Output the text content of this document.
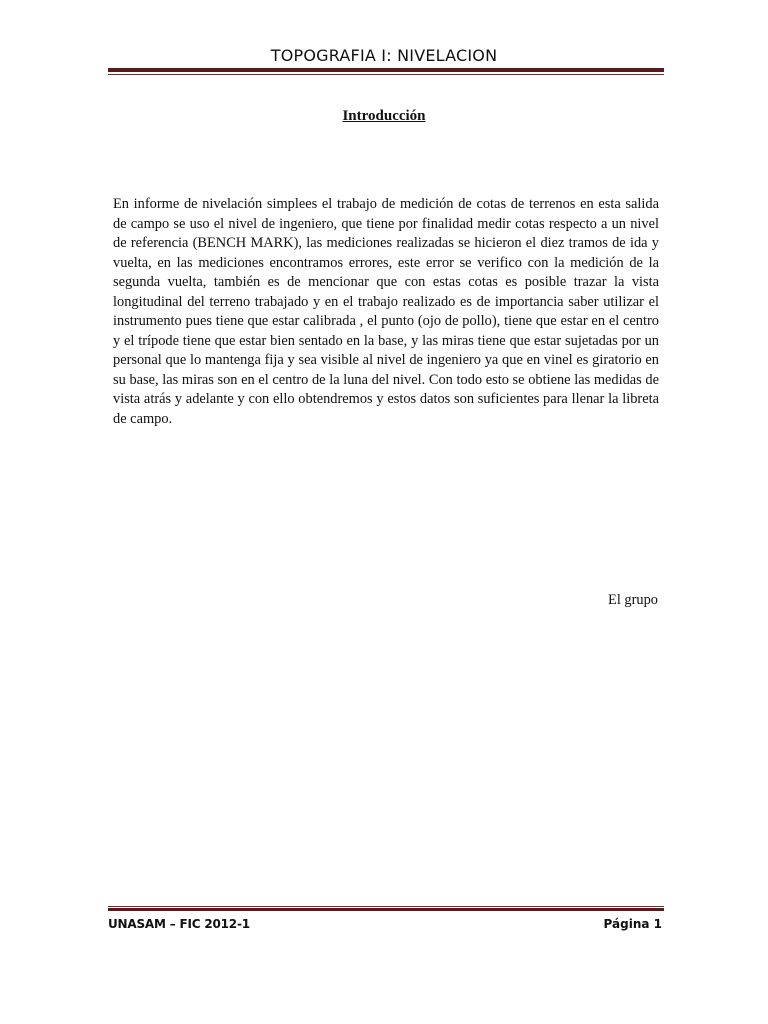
TOPOGRAFIA I: NIVELACION
Introducción

En informe de nivelación simplees el trabajo de medición de cotas de terrenos en esta salida de campo se uso el nivel de ingeniero, que tiene por finalidad medir cotas respecto a un nivel de referencia (BENCH MARK), las mediciones realizadas se hicieron el diez tramos de ida y vuelta, en las mediciones encontramos errores, este error se verifico con la medición de la segunda vuelta, también es de mencionar que con estas cotas es posible trazar la vista longitudinal del terreno trabajado y en el trabajo realizado es de importancia saber utilizar el instrumento pues tiene que estar calibrada , el punto (ojo de pollo), tiene que estar en el centro y el trípode tiene que estar bien sentado en la base, y las miras tiene que estar sujetadas por un personal que lo mantenga fija y sea visible al nivel de ingeniero ya que en vinel es giratorio en su base, las miras son en el centro de la luna del nivel. Con todo esto se obtiene las medidas de vista atrás y adelante y con ello obtendremos y estos datos son suficientes para llenar la libreta de campo.

El grupo
UNASAM – FIC 2012-1	Página 1
